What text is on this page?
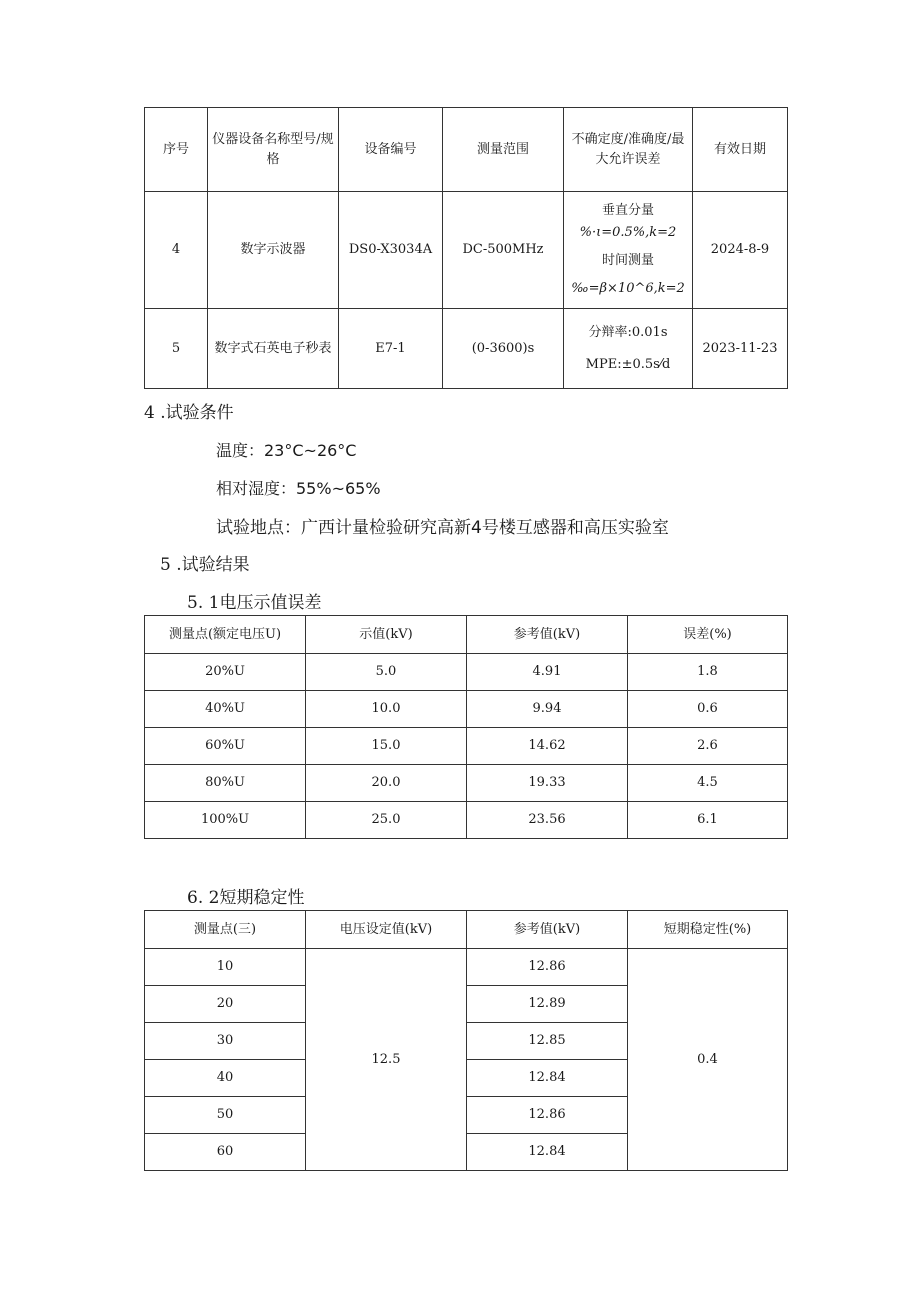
序号	仪器设备名称型号/规格	设备编号	测量范围	不确定度/准确度/最大允许误差	有效日期
4	数字示波器	DS0-X3034A	DC-500MHz	垂直分量
%·ι=0.5%,k=2
时间测量
‰=β×10^6,k=2	2024-8-9
5	数字式石英电子秒表	E7-1	(0-3600)s	分辩率:0.01s
MPE:±0.5s⁄d	2023-11-23
4 .试验条件
温度：23°C~26°C
相对湿度：55%~65%
试验地点：广西计量检验研究高新4号楼互感器和高压实验室
5 .试验结果
5. 1电压示值误差
测量点(额定电压U)	示值(kV)	参考值(kV)	误差(%)
20%U	5.0	4.91	1.8
40%U	10.0	9.94	0.6
60%U	15.0	14.62	2.6
80%U	20.0	19.33	4.5
100%U	25.0	23.56	6.1
6. 2短期稳定性
测量点(三)	电压设定值(kV)	参考值(kV)	短期稳定性(%)
10	12.5	12.86	0.4
20		12.89	
30		12.85	
40		12.84	
50		12.86	
60		12.84	
